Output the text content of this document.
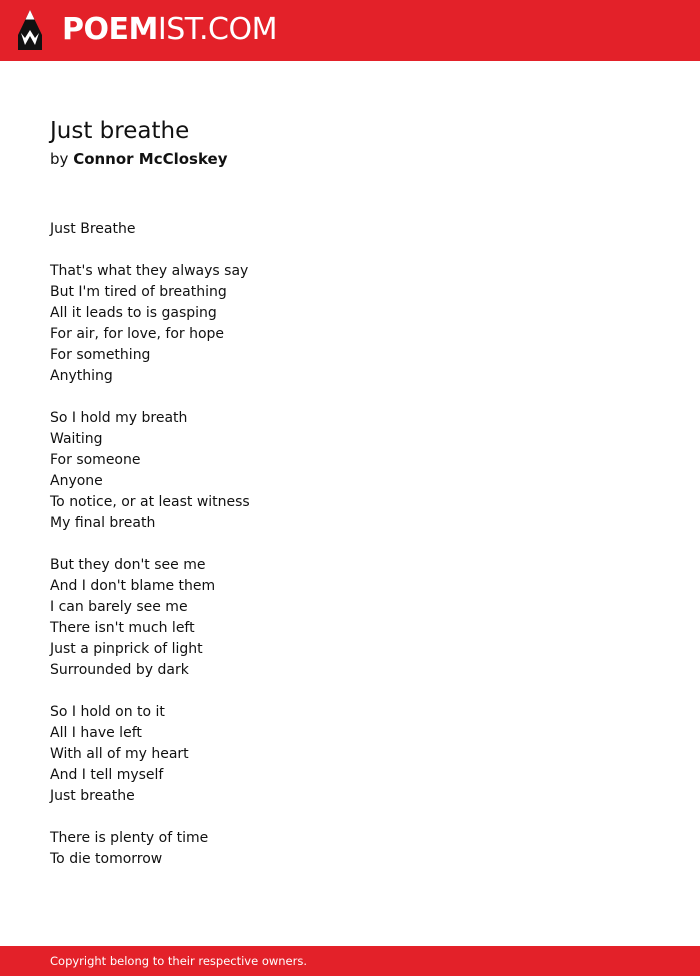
POEMIST.COM
Just breathe
by Connor McCloskey
Just Breathe
That's what they always say
But I'm tired of breathing
All it leads to is gasping
For air, for love, for hope
For something
Anything
So I hold my breath
Waiting
For someone
Anyone
To notice, or at least witness
My final breath
But they don't see me
And I don't blame them
I can barely see me
There isn't much left
Just a pinprick of light
Surrounded by dark
So I hold on to it
All I have left
With all of my heart
And I tell myself
Just breathe
There is plenty of time
To die tomorrow
Copyright belong to their respective owners.
